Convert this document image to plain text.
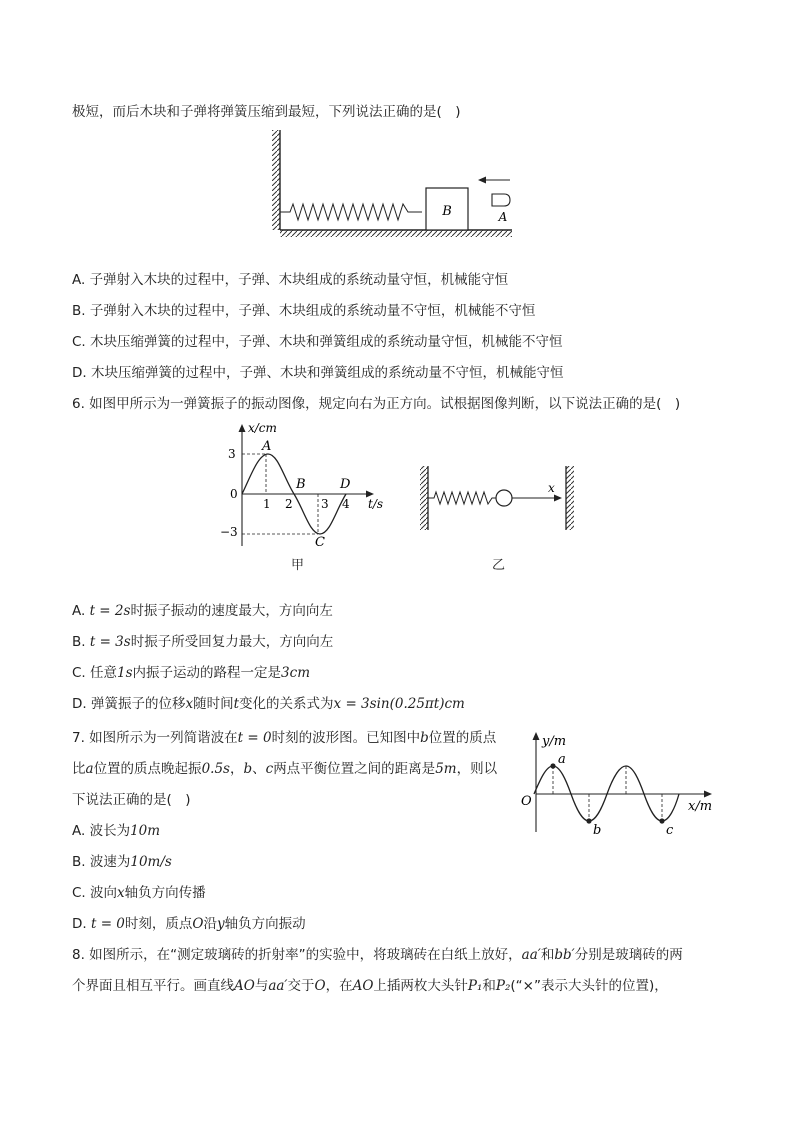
极短，而后木块和子弹将弹簧压缩到最短，下列说法正确的是(　)
B	A
A. 子弹射入木块的过程中，子弹、木块组成的系统动量守恒，机械能守恒
B. 子弹射入木块的过程中，子弹、木块组成的系统动量不守恒，机械能不守恒
C. 木块压缩弹簧的过程中，子弹、木块和弹簧组成的系统动量守恒，机械能不守恒
D. 木块压缩弹簧的过程中，子弹、木块和弹簧组成的系统动量不守恒，机械能守恒
6. 如图甲所示为一弹簧振子的振动图像，规定向右为正方向。试根据图像判断，以下说法正确的是(　)
x/cm
t/s
0
3
−3
1 2 3 4
A
B
C
D	x
甲	乙
A. t = 2s时振子振动的速度最大，方向向左
B. t = 3s时振子所受回复力最大，方向向左
C. 任意1s内振子运动的路程一定是3cm
D. 弹簧振子的位移x随时间t变化的关系式为x = 3sin(0.25πt)cm
7. 如图所示为一列简谐波在t = 0时刻的波形图。已知图中b位置的质点
比a位置的质点晚起振0.5s，b、c两点平衡位置之间的距离是5m，则以
下说法正确的是(　)
y/m
x/m
O
a
b	c
A. 波长为10m
B. 波速为10m/s
C. 波向x轴负方向传播
D. t = 0时刻，质点O沿y轴负方向振动
8. 如图所示，在“测定玻璃砖的折射率”的实验中，将玻璃砖在白纸上放好，aa′和bb′分别是玻璃砖的两
个界面且相互平行。画直线AO与aa′交于O，在AO上插两枚大头针P₁和P₂(“×”表示大头针的位置)，
